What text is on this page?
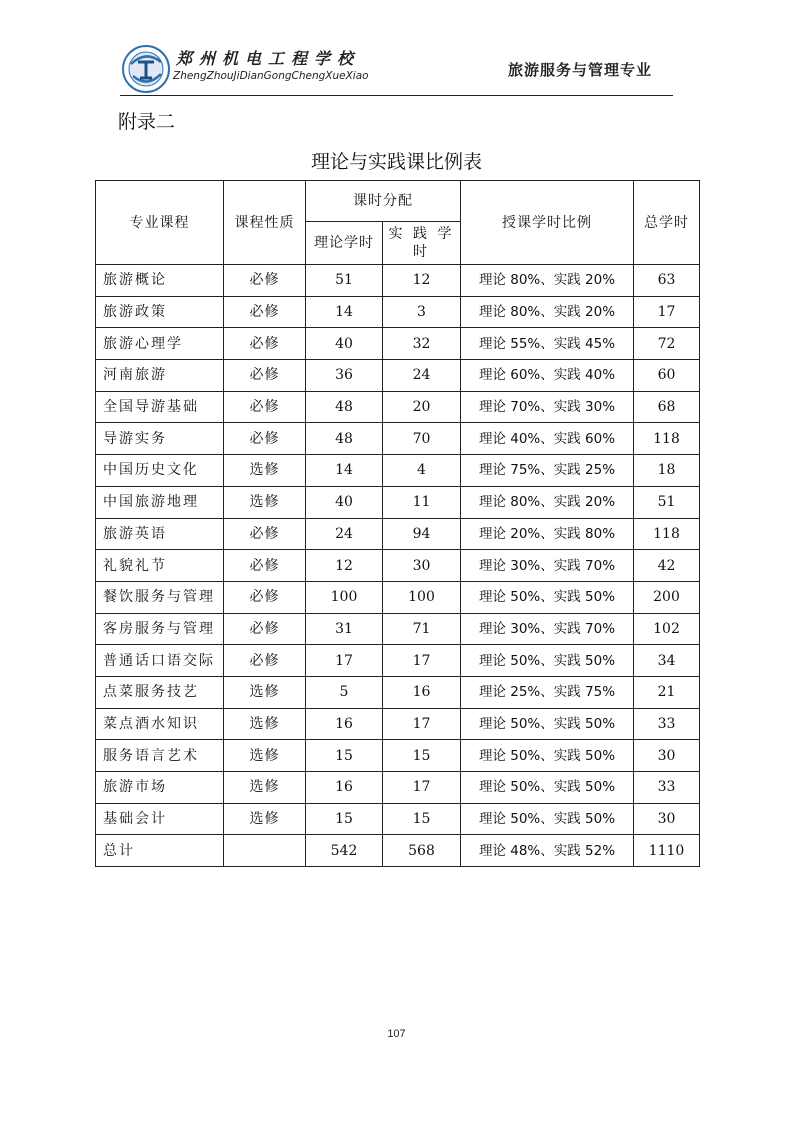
郑州机电工程学校
ZhengZhouJiDianGongChengXueXiao	旅游服务与管理专业
附录二
理论与实践课比例表
专业课程	课程性质	课时分配		授课学时比例	总学时
		理论学时	实 践 学 时		
旅游概论	必修	51	12	理论 80%、实践 20%	63
旅游政策	必修	14	3	理论 80%、实践 20%	17
旅游心理学	必修	40	32	理论 55%、实践 45%	72
河南旅游	必修	36	24	理论 60%、实践 40%	60
全国导游基础	必修	48	20	理论 70%、实践 30%	68
导游实务	必修	48	70	理论 40%、实践 60%	118
中国历史文化	选修	14	4	理论 75%、实践 25%	18
中国旅游地理	选修	40	11	理论 80%、实践 20%	51
旅游英语	必修	24	94	理论 20%、实践 80%	118
礼貌礼节	必修	12	30	理论 30%、实践 70%	42
餐饮服务与管理	必修	100	100	理论 50%、实践 50%	200
客房服务与管理	必修	31	71	理论 30%、实践 70%	102
普通话口语交际	必修	17	17	理论 50%、实践 50%	34
点菜服务技艺	选修	5	16	理论 25%、实践 75%	21
菜点酒水知识	选修	16	17	理论 50%、实践 50%	33
服务语言艺术	选修	15	15	理论 50%、实践 50%	30
旅游市场	选修	16	17	理论 50%、实践 50%	33
基础会计	选修	15	15	理论 50%、实践 50%	30
总计		542	568	理论 48%、实践 52%	1110
107
